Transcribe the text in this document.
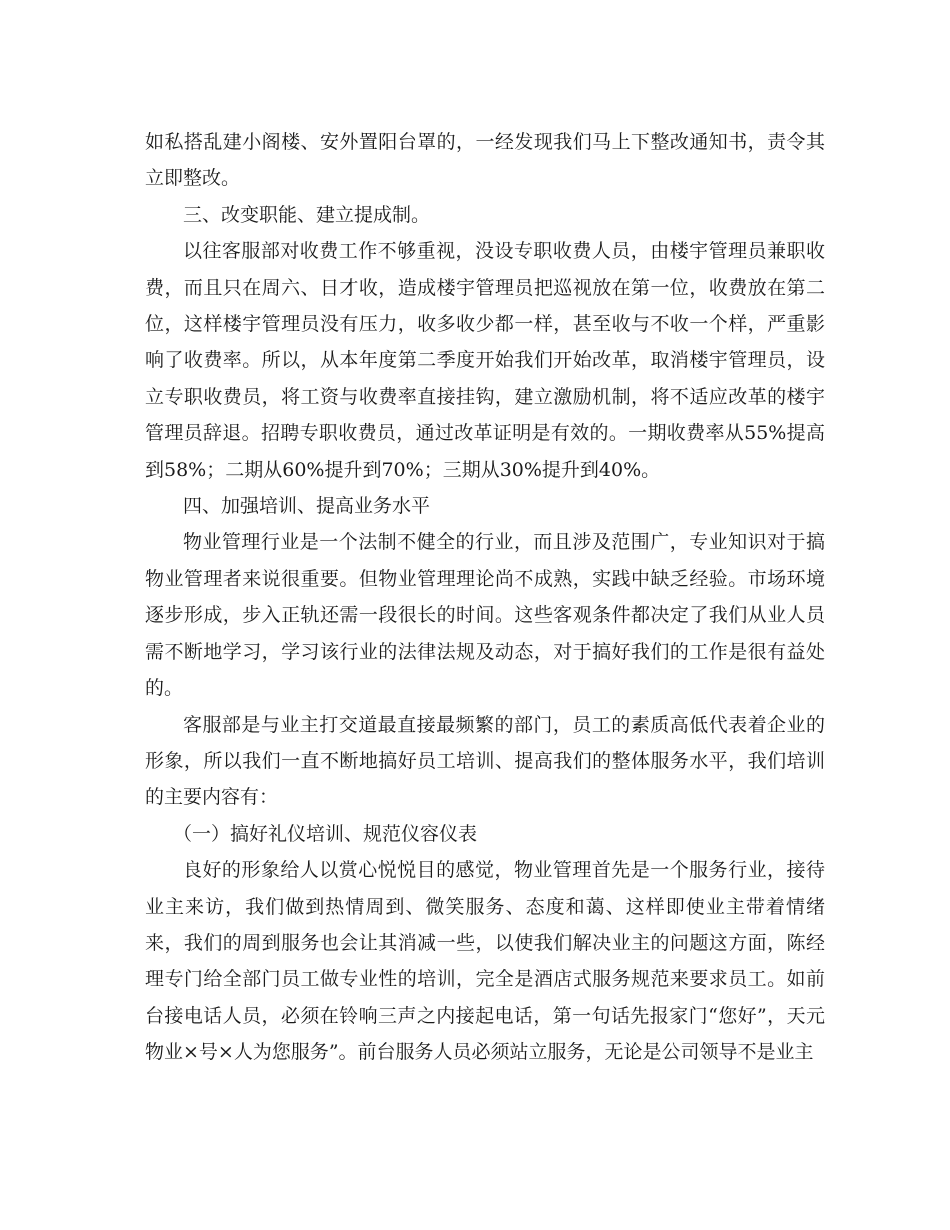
如私搭乱建小阁楼、安外置阳台罩的，一经发现我们马上下整改通知书，责令其立即整改。

三、改变职能、建立提成制。

以往客服部对收费工作不够重视，没设专职收费人员，由楼宇管理员兼职收费，而且只在周六、日才收，造成楼宇管理员把巡视放在第一位，收费放在第二位，这样楼宇管理员没有压力，收多收少都一样，甚至收与不收一个样，严重影响了收费率。所以，从本年度第二季度开始我们开始改革，取消楼宇管理员，设立专职收费员，将工资与收费率直接挂钩，建立激励机制，将不适应改革的楼宇管理员辞退。招聘专职收费员，通过改革证明是有效的。一期收费率从55%提高到58%；二期从60%提升到70%；三期从30%提升到40%。

四、加强培训、提高业务水平

物业管理行业是一个法制不健全的行业，而且涉及范围广，专业知识对于搞物业管理者来说很重要。但物业管理理论尚不成熟，实践中缺乏经验。市场环境逐步形成，步入正轨还需一段很长的时间。这些客观条件都决定了我们从业人员需不断地学习，学习该行业的法律法规及动态，对于搞好我们的工作是很有益处的。

客服部是与业主打交道最直接最频繁的部门，员工的素质高低代表着企业的形象，所以我们一直不断地搞好员工培训、提高我们的整体服务水平，我们培训的主要内容有：

（一）搞好礼仪培训、规范仪容仪表

良好的形象给人以赏心悦悦目的感觉，物业管理首先是一个服务行业，接待业主来访，我们做到热情周到、微笑服务、态度和蔼、这样即使业主带着情绪来，我们的周到服务也会让其消减一些，以使我们解决业主的问题这方面，陈经理专门给全部门员工做专业性的培训，完全是酒店式服务规范来要求员工。如前台接电话人员，必须在铃响三声之内接起电话，第一句话先报家门“您好”，天元物业×号×人为您服务”。前台服务人员必须站立服务，无论是公司领导不是业主
